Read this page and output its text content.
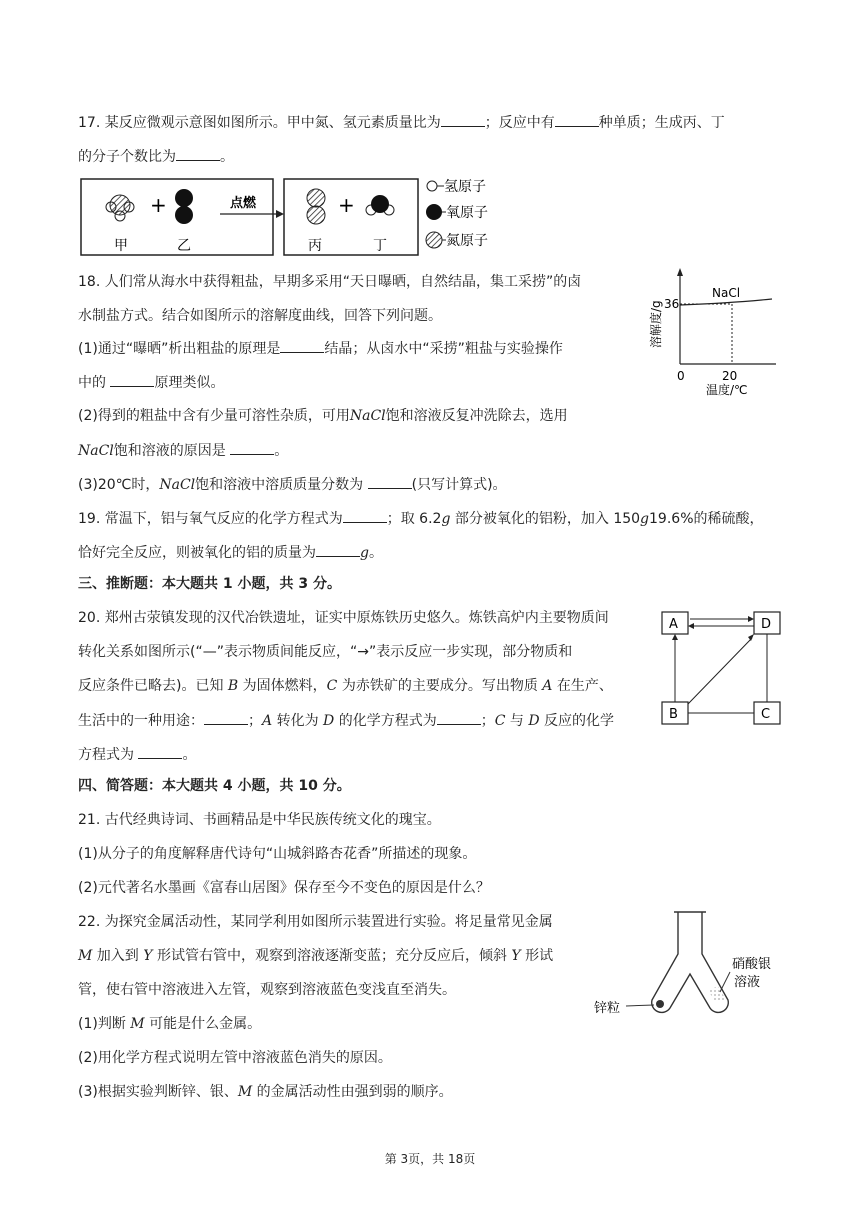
17. 某反应微观示意图如图所示。甲中氮、氢元素质量比为	；反应中有	种单质；生成丙、丁
的分子个数比为	。
+
甲	乙
点燃	+
丙	丁
氢原子
氧原子
氮原子
18. 人们常从海水中获得粗盐，早期多采用“天日曝晒，自然结晶，集工采捞”的卤
水制盐方式。结合如图所示的溶解度曲线，回答下列问题。
(1)通过“曝晒”析出粗盐的原理是	结晶；从卤水中“采捞”粗盐与实验操作
中的	原理类似。
(2)得到的粗盐中含有少量可溶性杂质，可用NaCl饱和溶液反复冲洗除去，选用
NaCl饱和溶液的原因是	。
(3)20℃时，NaCl饱和溶液中溶质质量分数为	(只写计算式)。
溶解度/g
温度/℃
36
0	20
NaCl
19. 常温下，铝与氧气反应的化学方程式为	；取 6.2g 部分被氧化的铝粉，加入 150g19.6%的稀硫酸，
恰好完全反应，则被氧化的铝的质量为	g。
三、推断题：本大题共 1 小题，共 3 分。
20. 郑州古荥镇发现的汉代冶铁遗址，证实中原炼铁历史悠久。炼铁高炉内主要物质间
转化关系如图所示(“—”表示物质间能反应，“→”表示反应一步实现，部分物质和
反应条件已略去)。已知 B 为固体燃料，C 为赤铁矿的主要成分。写出物质 A 在生产、
生活中的一种用途：	；A 转化为 D 的化学方程式为	；C 与 D 反应的化学
方程式为	。
A	D
B	C
四、简答题：本大题共 4 小题，共 10 分。
21. 古代经典诗词、书画精品是中华民族传统文化的瑰宝。
(1)从分子的角度解释唐代诗句“山城斜路杏花香”所描述的现象。
(2)元代著名水墨画《富春山居图》保存至今不变色的原因是什么？
22. 为探究金属活动性，某同学利用如图所示装置进行实验。将足量常见金属
M 加入到 Y 形试管右管中，观察到溶液逐渐变蓝；充分反应后，倾斜 Y 形试
管，使右管中溶液进入左管，观察到溶液蓝色变浅直至消失。
(1)判断 M 可能是什么金属。
(2)用化学方程式说明左管中溶液蓝色消失的原因。
(3)根据实验判断锌、银、M 的金属活动性由强到弱的顺序。
锌粒
硝酸银
溶液
第 3页，共 18页
